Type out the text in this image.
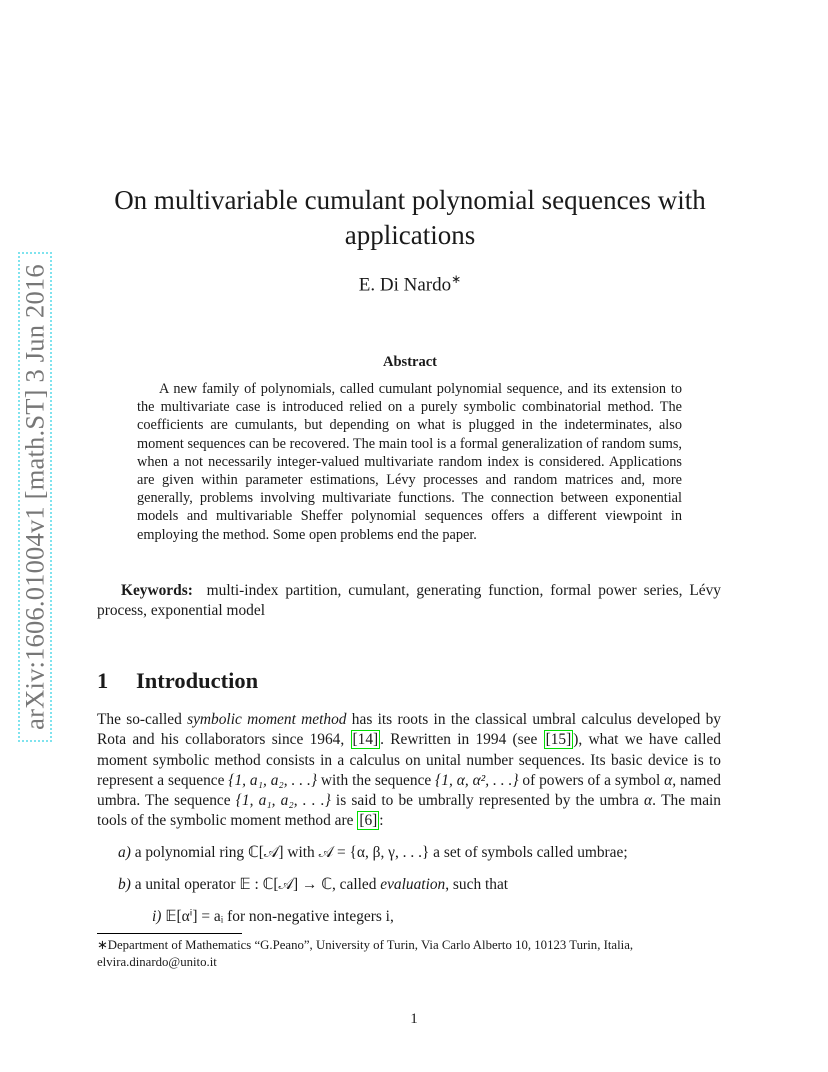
arXiv:1606.01004v1 [math.ST] 3 Jun 2016
On multivariable cumulant polynomial sequences with
applications
E. Di Nardo∗
Abstract

A new family of polynomials, called cumulant polynomial sequence, and its extension to the multivariate case is introduced relied on a purely symbolic combinatorial method. The coefficients are cumulants, but depending on what is plugged in the indeterminates, also moment sequences can be recovered. The main tool is a formal generalization of random sums, when a not necessarily integer-valued multivariate random index is considered. Applications are given within parameter estimations, Lévy processes and random matrices and, more generally, problems involving multivariate functions. The connection between exponential models and multivariable Sheffer polynomial sequences offers a different viewpoint in employing the method. Some open problems end the paper.

Keywords: multi-index partition, cumulant, generating function, formal power series, Lévy process, exponential model

1 Introduction

The so-called symbolic moment method has its roots in the classical umbral calculus developed by Rota and his collaborators since 1964, [14] . Rewritten in 1994 (see [15] ), what we have called moment symbolic method consists in a calculus on unital number sequences. Its basic device is to represent a sequence {1, a₁, a₂, . . .} with the sequence {1, α, α², . . .} of powers of a symbol α, named umbra. The sequence {1, a₁, a₂, . . .} is said to be umbrally represented by the umbra α. The main tools of the symbolic moment method are [6] :

a) a polynomial ring ℂ[𝒜] with 𝒜 = {α, β, γ, . . .} a set of symbols called umbrae;
b) a unital operator 𝔼 : ℂ[𝒜] → ℂ, called evaluation, such that
i) 𝔼[αⁱ] = aᵢ for non-negative integers i,

∗Department of Mathematics “G.Peano”, University of Turin, Via Carlo Alberto 10, 10123 Turin, Italia, elvira.dinardo@unito.it

1
